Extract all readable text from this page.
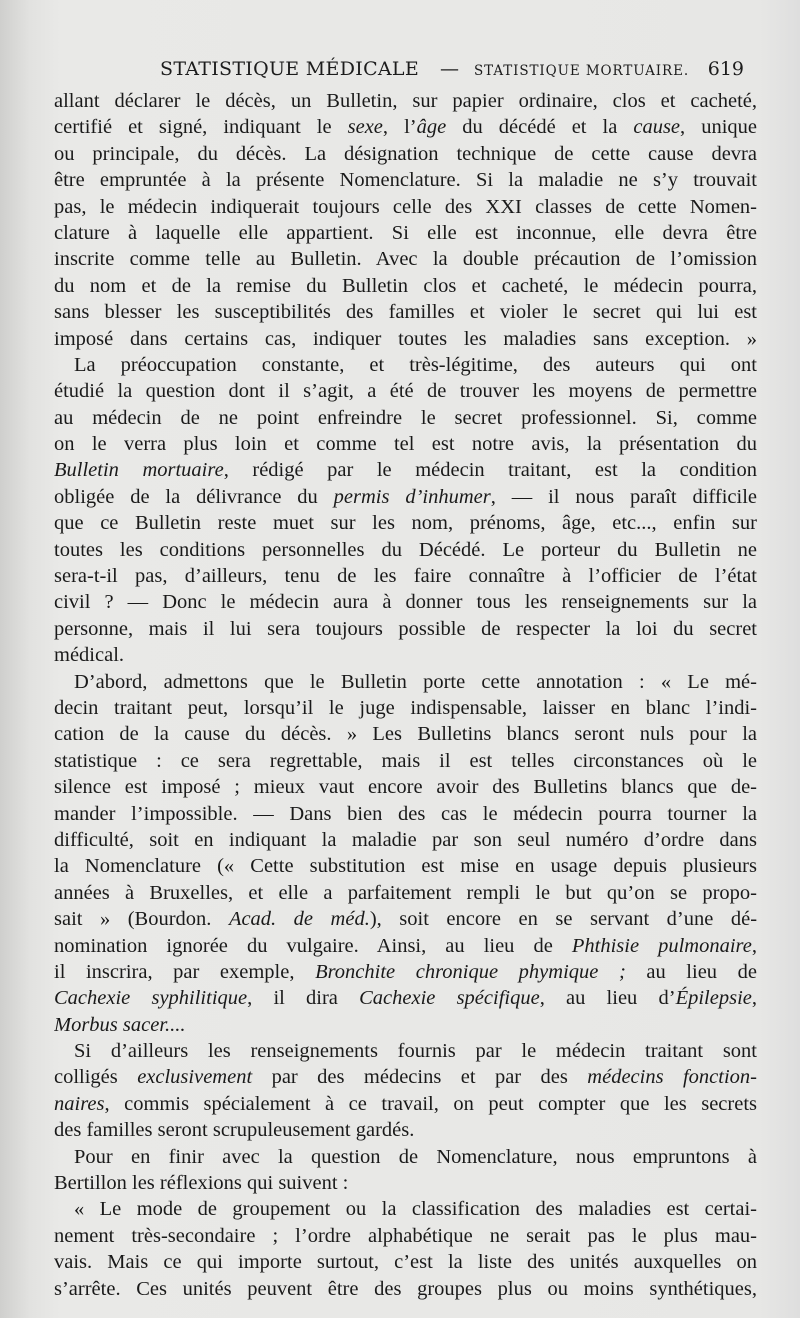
STATISTIQUE MÉDICALE — STATISTIQUE MORTUAIRE. 619
allant déclarer le décès, un Bulletin, sur papier ordinaire, clos et cacheté,
certifié et signé, indiquant le sexe, l’âge du décédé et la cause, unique
ou principale, du décès. La désignation technique de cette cause devra
être empruntée à la présente Nomenclature. Si la maladie ne s’y trouvait
pas, le médecin indiquerait toujours celle des XXI classes de cette Nomen-
clature à laquelle elle appartient. Si elle est inconnue, elle devra être
inscrite comme telle au Bulletin. Avec la double précaution de l’omission
du nom et de la remise du Bulletin clos et cacheté, le médecin pourra,
sans blesser les susceptibilités des familles et violer le secret qui lui est
imposé dans certains cas, indiquer toutes les maladies sans exception. »
La préoccupation constante, et très-légitime, des auteurs qui ont
étudié la question dont il s’agit, a été de trouver les moyens de permettre
au médecin de ne point enfreindre le secret professionnel. Si, comme
on le verra plus loin et comme tel est notre avis, la présentation du
Bulletin mortuaire, rédigé par le médecin traitant, est la condition
obligée de la délivrance du permis d’inhumer, — il nous paraît difficile
que ce Bulletin reste muet sur les nom, prénoms, âge, etc..., enfin sur
toutes les conditions personnelles du Décédé. Le porteur du Bulletin ne
sera-t-il pas, d’ailleurs, tenu de les faire connaître à l’officier de l’état
civil ? — Donc le médecin aura à donner tous les renseignements sur la
personne, mais il lui sera toujours possible de respecter la loi du secret
médical.
D’abord, admettons que le Bulletin porte cette annotation : « Le mé-
decin traitant peut, lorsqu’il le juge indispensable, laisser en blanc l’indi-
cation de la cause du décès. » Les Bulletins blancs seront nuls pour la
statistique : ce sera regrettable, mais il est telles circonstances où le
silence est imposé ; mieux vaut encore avoir des Bulletins blancs que de-
mander l’impossible. — Dans bien des cas le médecin pourra tourner la
difficulté, soit en indiquant la maladie par son seul numéro d’ordre dans
la Nomenclature (« Cette substitution est mise en usage depuis plusieurs
années à Bruxelles, et elle a parfaitement rempli le but qu’on se propo-
sait » (Bourdon. Acad. de méd.), soit encore en se servant d’une dé-
nomination ignorée du vulgaire. Ainsi, au lieu de Phthisie pulmonaire,
il inscrira, par exemple, Bronchite chronique phymique ; au lieu de
Cachexie syphilitique, il dira Cachexie spécifique, au lieu d’Épilepsie,
Morbus sacer....
Si d’ailleurs les renseignements fournis par le médecin traitant sont
colligés exclusivement par des médecins et par des médecins fonction-
naires, commis spécialement à ce travail, on peut compter que les secrets
des familles seront scrupuleusement gardés.
Pour en finir avec la question de Nomenclature, nous empruntons à
Bertillon les réflexions qui suivent :
« Le mode de groupement ou la classification des maladies est certai-
nement très-secondaire ; l’ordre alphabétique ne serait pas le plus mau-
vais. Mais ce qui importe surtout, c’est la liste des unités auxquelles on
s’arrête. Ces unités peuvent être des groupes plus ou moins synthétiques,
